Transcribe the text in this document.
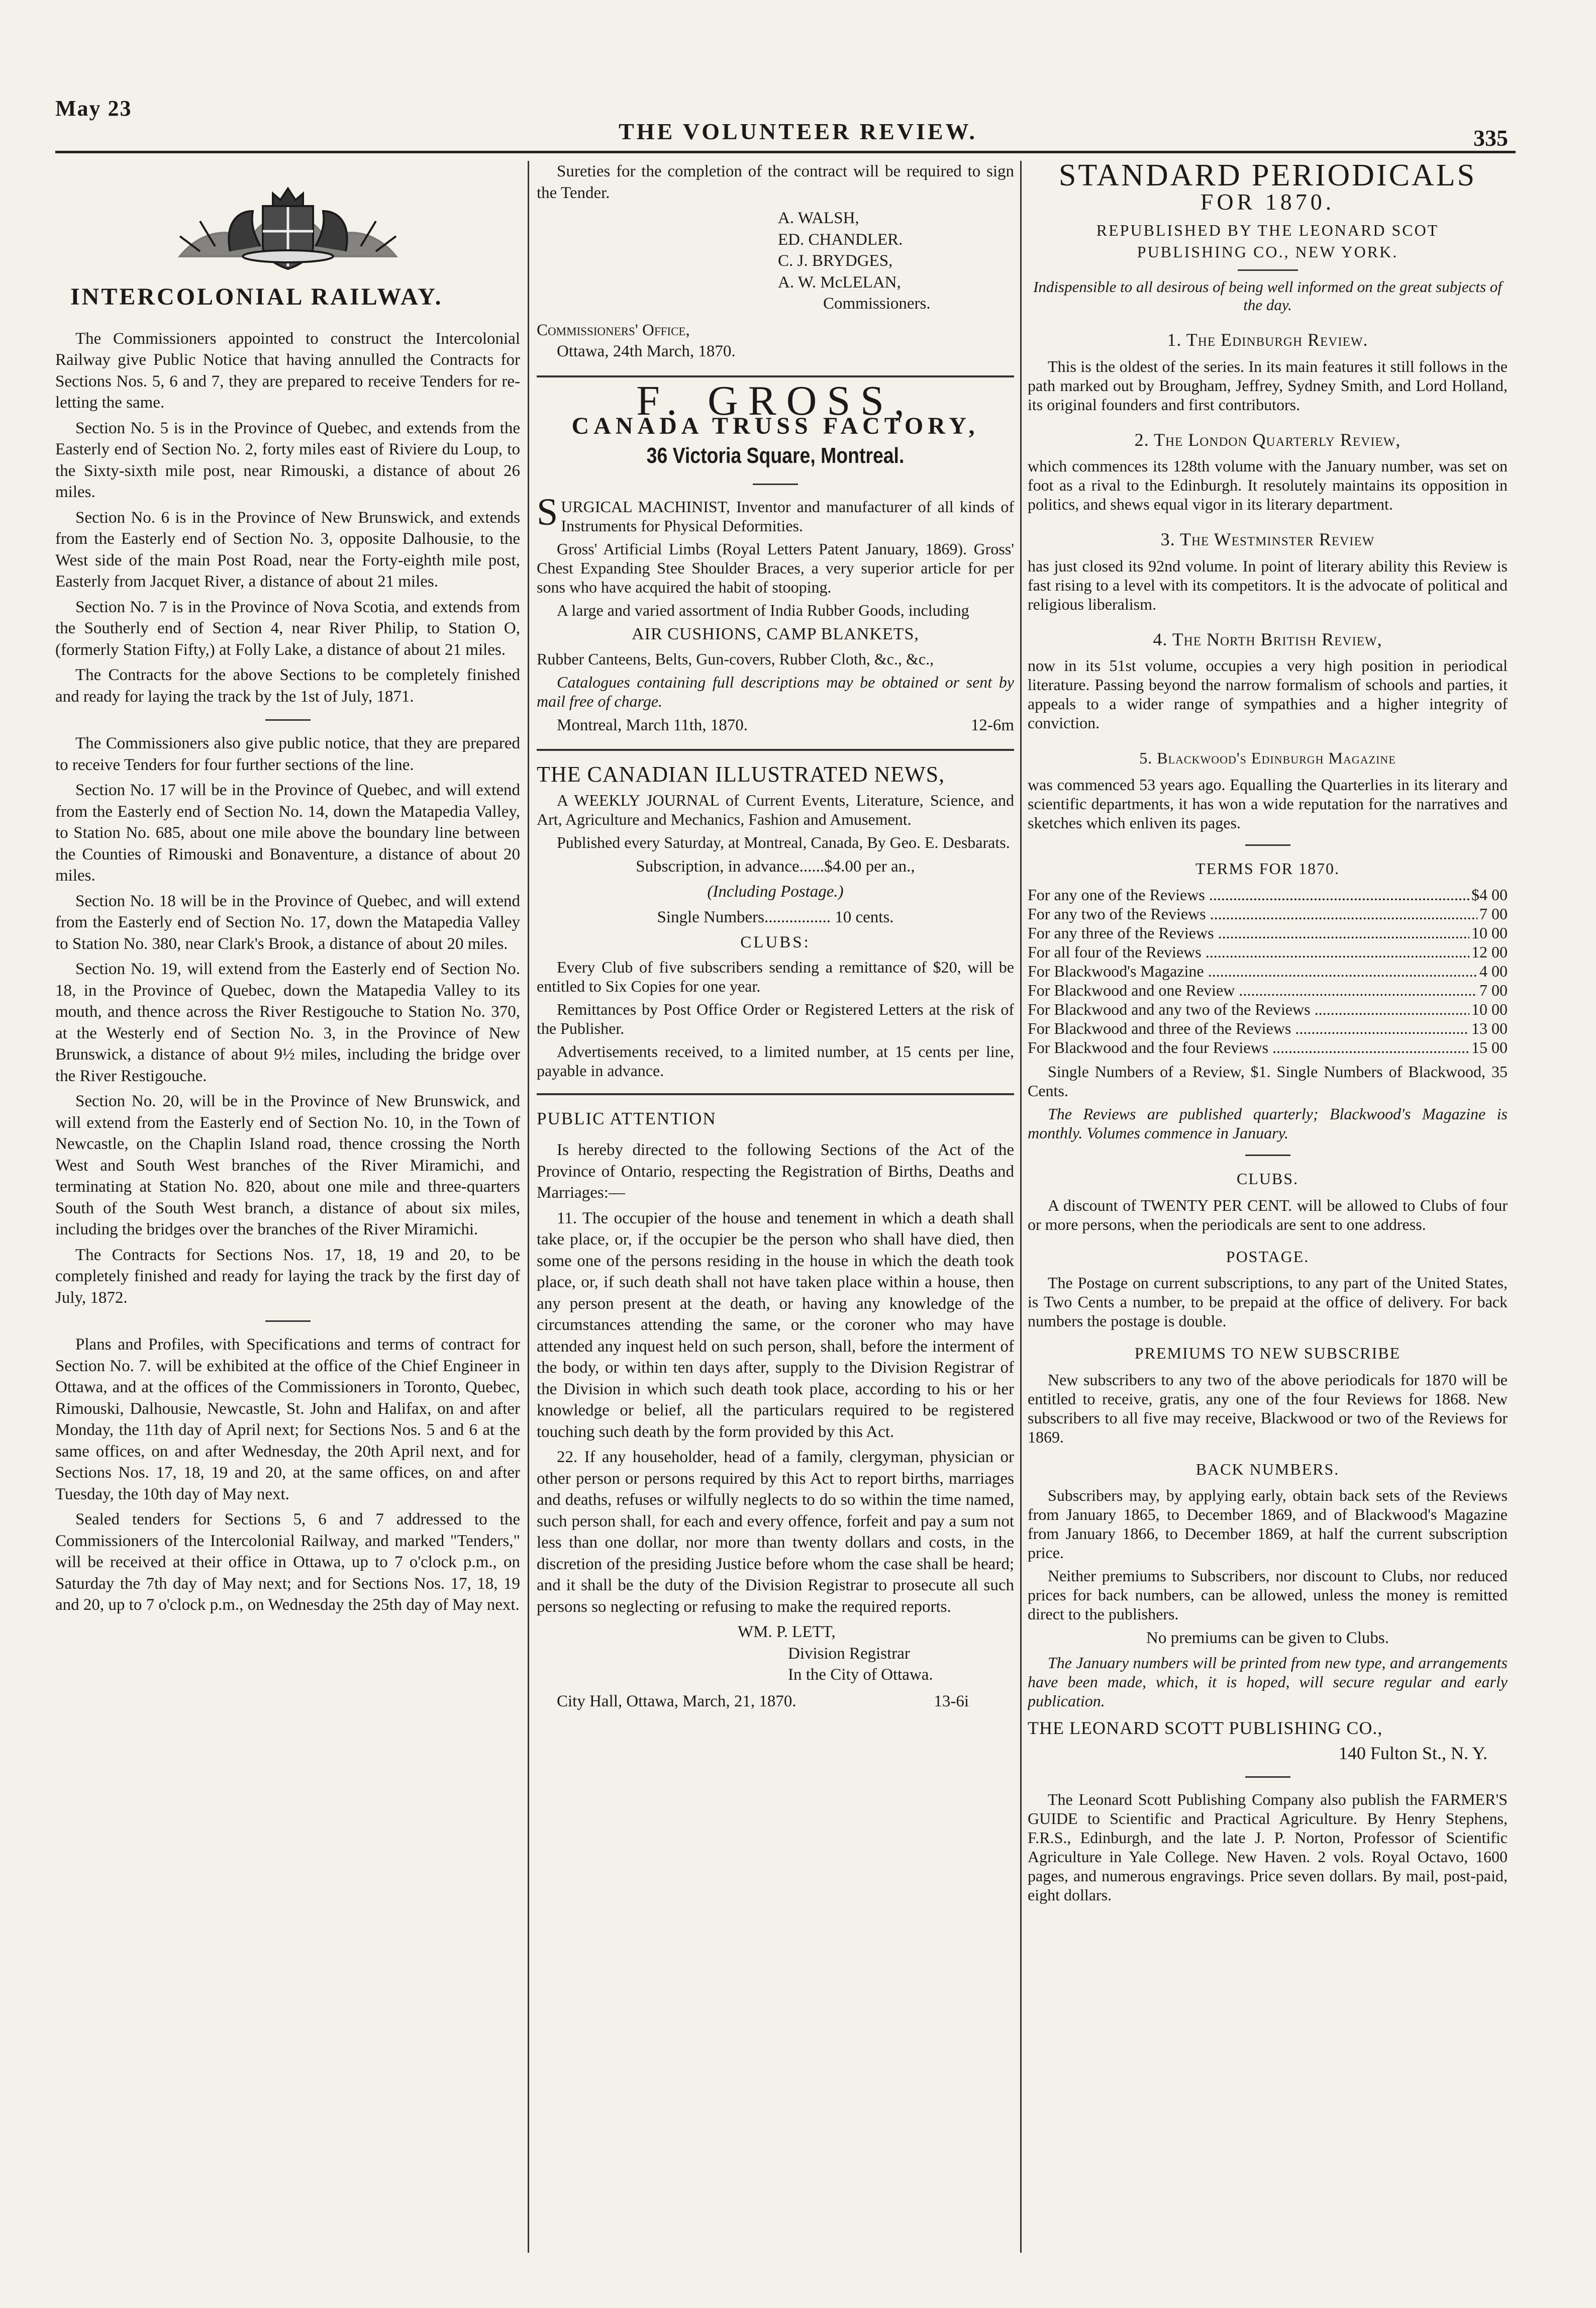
May 23
THE VOLUNTEER REVIEW.	335
INTERCOLONIAL RAILWAY.

The Commissioners appointed to construct the Intercolonial Railway give Public Notice that having annulled the Contracts for Sections Nos. 5, 6 and 7, they are prepared to receive Tenders for re-letting the same.

Section No. 5 is in the Province of Quebec, and extends from the Easterly end of Section No. 2, forty miles east of Riviere du Loup, to the Sixty-sixth mile post, near Rimouski, a distance of about 26 miles.

Section No. 6 is in the Province of New Brunswick, and extends from the Easterly end of Section No. 3, opposite Dalhousie, to the West side of the main Post Road, near the Forty-eighth mile post, Easterly from Jacquet River, a distance of about 21 miles.

Section No. 7 is in the Province of Nova Scotia, and extends from the Southerly end of Section 4, near River Philip, to Station O, (formerly Station Fifty,) at Folly Lake, a distance of about 21 miles.

The Contracts for the above Sections to be completely finished and ready for laying the track by the 1st of July, 1871.

The Commissioners also give public notice, that they are prepared to receive Tenders for four further sections of the line.

Section No. 17 will be in the Province of Quebec, and will extend from the Easterly end of Section No. 14, down the Matapedia Valley, to Station No. 685, about one mile above the boundary line between the Counties of Rimouski and Bonaventure, a distance of about 20 miles.

Section No. 18 will be in the Province of Quebec, and will extend from the Easterly end of Section No. 17, down the Matapedia Valley to Station No. 380, near Clark's Brook, a distance of about 20 miles.

Section No. 19, will extend from the Easterly end of Section No. 18, in the Province of Quebec, down the Matapedia Valley to its mouth, and thence across the River Restigouche to Station No. 370, at the Westerly end of Section No. 3, in the Province of New Brunswick, a distance of about 9½ miles, including the bridge over the River Restigouche.

Section No. 20, will be in the Province of New Brunswick, and will extend from the Easterly end of Section No. 10, in the Town of Newcastle, on the Chaplin Island road, thence crossing the North West and South West branches of the River Miramichi, and terminating at Station No. 820, about one mile and three-quarters South of the South West branch, a distance of about six miles, including the bridges over the branches of the River Miramichi.

The Contracts for Sections Nos. 17, 18, 19 and 20, to be completely finished and ready for laying the track by the first day of July, 1872.

Plans and Profiles, with Specifications and terms of contract for Section No. 7. will be exhibited at the office of the Chief Engineer in Ottawa, and at the offices of the Commissioners in Toronto, Quebec, Rimouski, Dalhousie, Newcastle, St. John and Halifax, on and after Monday, the 11th day of April next; for Sections Nos. 5 and 6 at the same offices, on and after Wednesday, the 20th April next, and for Sections Nos. 17, 18, 19 and 20, at the same offices, on and after Tuesday, the 10th day of May next.

Sealed tenders for Sections 5, 6 and 7 addressed to the Commissioners of the Intercolonial Railway, and marked "Tenders," will be received at their office in Ottawa, up to 7 o'clock p.m., on Saturday the 7th day of May next; and for Sections Nos. 17, 18, 19 and 20, up to 7 o'clock p.m., on Wednesday the 25th day of May next.

Sureties for the completion of the contract will be required to sign the Tender.

A. WALSH,

ED. CHANDLER.

C. J. BRYDGES,

A. W. McLELAN,

Commissioners.

Commissioners' Office,

Ottawa, 24th March, 1870.

F. GROSS,
CANADA TRUSS FACTORY,
36 Victoria Square, Montreal.

SURGICAL MACHINIST, Inventor and manufacturer of all kinds of Instruments for Physical Deformities.

Gross' Artificial Limbs (Royal Letters Patent January, 1869). Gross' Chest Expanding Stee Shoulder Braces, a very superior article for per sons who have acquired the habit of stooping.

A large and varied assortment of India Rubber Goods, including

AIR CUSHIONS, CAMP BLANKETS,

Rubber Canteens, Belts, Gun-covers, Rubber Cloth, &c., &c.,

Catalogues containing full descriptions may be obtained or sent by mail free of charge.

Montreal, March 11th, 1870.	12-6m

THE CANADIAN ILLUSTRATED NEWS,

A WEEKLY JOURNAL of Current Events, Literature, Science, and Art, Agriculture and Mechanics, Fashion and Amusement.

Published every Saturday, at Montreal, Canada, By Geo. E. Desbarats.

Subscription, in advance......$4.00 per an.,

(Including Postage.)

Single Numbers................ 10 cents.

CLUBS:

Every Club of five subscribers sending a remittance of $20, will be entitled to Six Copies for one year.

Remittances by Post Office Order or Registered Letters at the risk of the Publisher.

Advertisements received, to a limited number, at 15 cents per line, payable in advance.

PUBLIC ATTENTION

Is hereby directed to the following Sections of the Act of the Province of Ontario, respecting the Registration of Births, Deaths and Marriages:—

11. The occupier of the house and tenement in which a death shall take place, or, if the occupier be the person who shall have died, then some one of the persons residing in the house in which the death took place, or, if such death shall not have taken place within a house, then any person present at the death, or having any knowledge of the circumstances attending the same, or the coroner who may have attended any inquest held on such person, shall, before the interment of the body, or within ten days after, supply to the Division Registrar of the Division in which such death took place, according to his or her knowledge or belief, all the particulars required to be registered touching such death by the form provided by this Act.

22. If any householder, head of a family, clergyman, physician or other person or persons required by this Act to report births, marriages and deaths, refuses or wilfully neglects to do so within the time named, such person shall, for each and every offence, forfeit and pay a sum not less than one dollar, nor more than twenty dollars and costs, in the discretion of the presiding Justice before whom the case shall be heard; and it shall be the duty of the Division Registrar to prosecute all such persons so neglecting or refusing to make the required reports.

WM. P. LETT,

Division Registrar

In the City of Ottawa.

City Hall, Ottawa, March, 21, 1870.	13-6i

STANDARD PERIODICALS
FOR 1870.
REPUBLISHED BY THE LEONARD SCOT
PUBLISHING CO., NEW YORK.

Indispensible to all desirous of being well informed on the great subjects of the day.

1. The Edinburgh Review.

This is the oldest of the series. In its main features it still follows in the path marked out by Brougham, Jeffrey, Sydney Smith, and Lord Holland, its original founders and first contributors.

2. The London Quarterly Review,

which commences its 128th volume with the January number, was set on foot as a rival to the Edinburgh. It resolutely maintains its opposition in politics, and shews equal vigor in its literary department.

3. The Westminster Review

has just closed its 92nd volume. In point of literary ability this Review is fast rising to a level with its competitors. It is the advocate of political and religious liberalism.

4. The North British Review,

now in its 51st volume, occupies a very high position in periodical literature. Passing beyond the narrow formalism of schools and parties, it appeals to a wider range of sympathies and a higher integrity of conviction.

5. Blackwood's Edinburgh Magazine

was commenced 53 years ago. Equalling the Quarterlies in its literary and scientific departments, it has won a wide reputation for the narratives and sketches which enliven its pages.

TERMS FOR 1870.
For any one of the Reviews .....	$4 00
For any two of the Reviews .....	7 00
For any three of the Reviews .....	10 00
For all four of the Reviews .....	12 00
For Blackwood's Magazine .....	4 00
For Blackwood and one Review .....	7 00
For Blackwood and any two of the Reviews .....	10 00
For Blackwood and three of the Reviews .....	13 00
For Blackwood and the four Reviews .....	15 00

Single Numbers of a Review, $1. Single Numbers of Blackwood, 35 Cents.

The Reviews are published quarterly; Blackwood's Magazine is monthly. Volumes commence in January.

CLUBS.

A discount of TWENTY PER CENT. will be allowed to Clubs of four or more persons, when the periodicals are sent to one address.

POSTAGE.

The Postage on current subscriptions, to any part of the United States, is Two Cents a number, to be prepaid at the office of delivery. For back numbers the postage is double.

PREMIUMS TO NEW SUBSCRIBE

New subscribers to any two of the above periodicals for 1870 will be entitled to receive, gratis, any one of the four Reviews for 1868. New subscribers to all five may receive, Blackwood or two of the Reviews for 1869.

BACK NUMBERS.

Subscribers may, by applying early, obtain back sets of the Reviews from January 1865, to December 1869, and of Blackwood's Magazine from January 1866, to December 1869, at half the current subscription price.

Neither premiums to Subscribers, nor discount to Clubs, nor reduced prices for back numbers, can be allowed, unless the money is remitted direct to the publishers.

No premiums can be given to Clubs.

The January numbers will be printed from new type, and arrangements have been made, which, it is hoped, will secure regular and early publication.

THE LEONARD SCOTT PUBLISHING CO.,

140 Fulton St., N. Y.

The Leonard Scott Publishing Company also publish the FARMER'S GUIDE to Scientific and Practical Agriculture. By Henry Stephens, F.R.S., Edinburgh, and the late J. P. Norton, Professor of Scientific Agriculture in Yale College. New Haven. 2 vols. Royal Octavo, 1600 pages, and numerous engravings. Price seven dollars. By mail, post-paid, eight dollars.
